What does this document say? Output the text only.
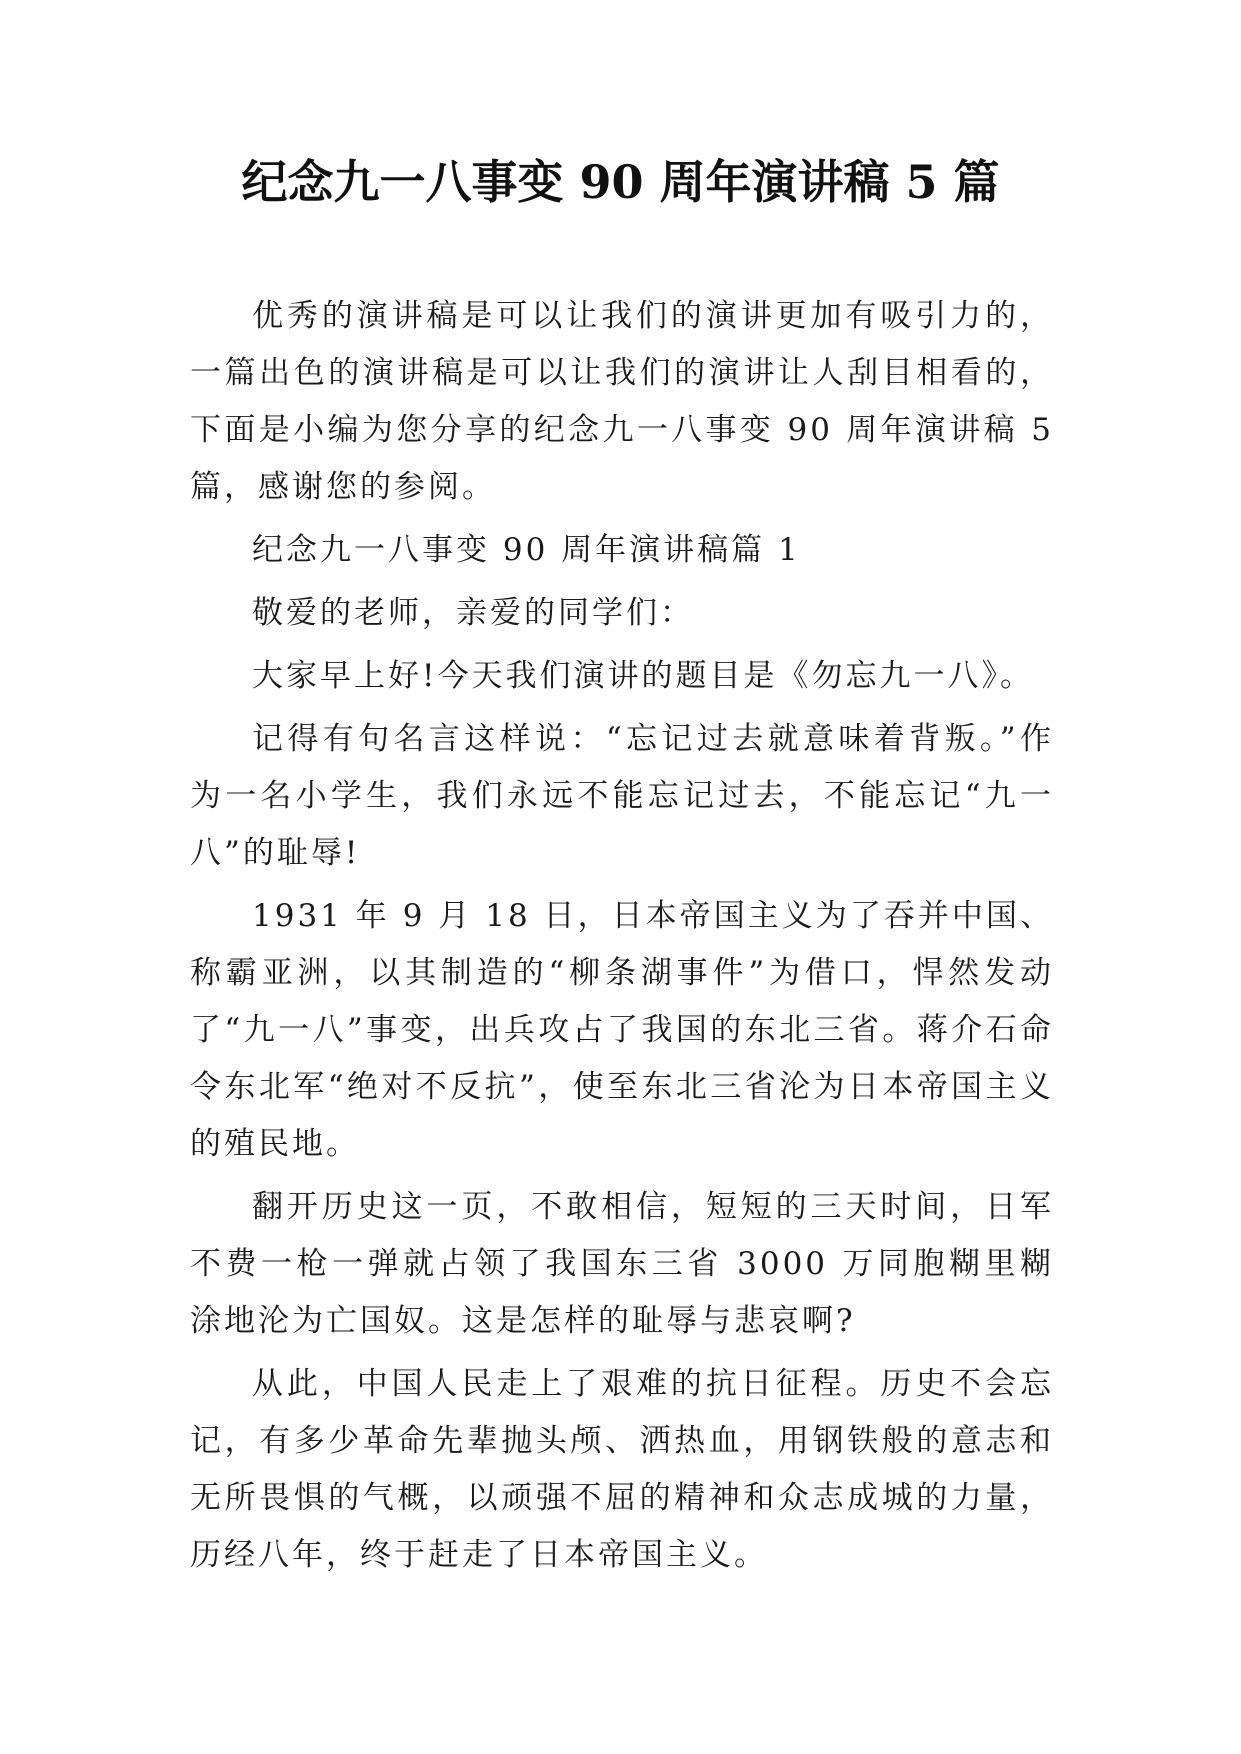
纪念九一八事变 90 周年演讲稿 5 篇

优秀的演讲稿是可以让我们的演讲更加有吸引力的，一篇出色的演讲稿是可以让我们的演讲让人刮目相看的，下面是小编为您分享的纪念九一八事变 90 周年演讲稿 5 篇，感谢您的参阅。

纪念九一八事变 90 周年演讲稿篇 1

敬爱的老师，亲爱的同学们：

大家早上好!今天我们演讲的题目是《勿忘九一八》。

记得有句名言这样说：“忘记过去就意味着背叛。”作为一名小学生，我们永远不能忘记过去，不能忘记“九一八”的耻辱!

1931 年 9 月 18 日，日本帝国主义为了吞并中国、称霸亚洲，以其制造的“柳条湖事件”为借口，悍然发动了“九一八”事变，出兵攻占了我国的东北三省。蒋介石命令东北军“绝对不反抗”，使至东北三省沦为日本帝国主义的殖民地。

翻开历史这一页，不敢相信，短短的三天时间，日军不费一枪一弹就占领了我国东三省 3000 万同胞糊里糊涂地沦为亡国奴。这是怎样的耻辱与悲哀啊?

从此，中国人民走上了艰难的抗日征程。历史不会忘记，有多少革命先辈抛头颅、洒热血，用钢铁般的意志和无所畏惧的气概，以顽强不屈的精神和众志成城的力量，历经八年，终于赶走了日本帝国主义。
